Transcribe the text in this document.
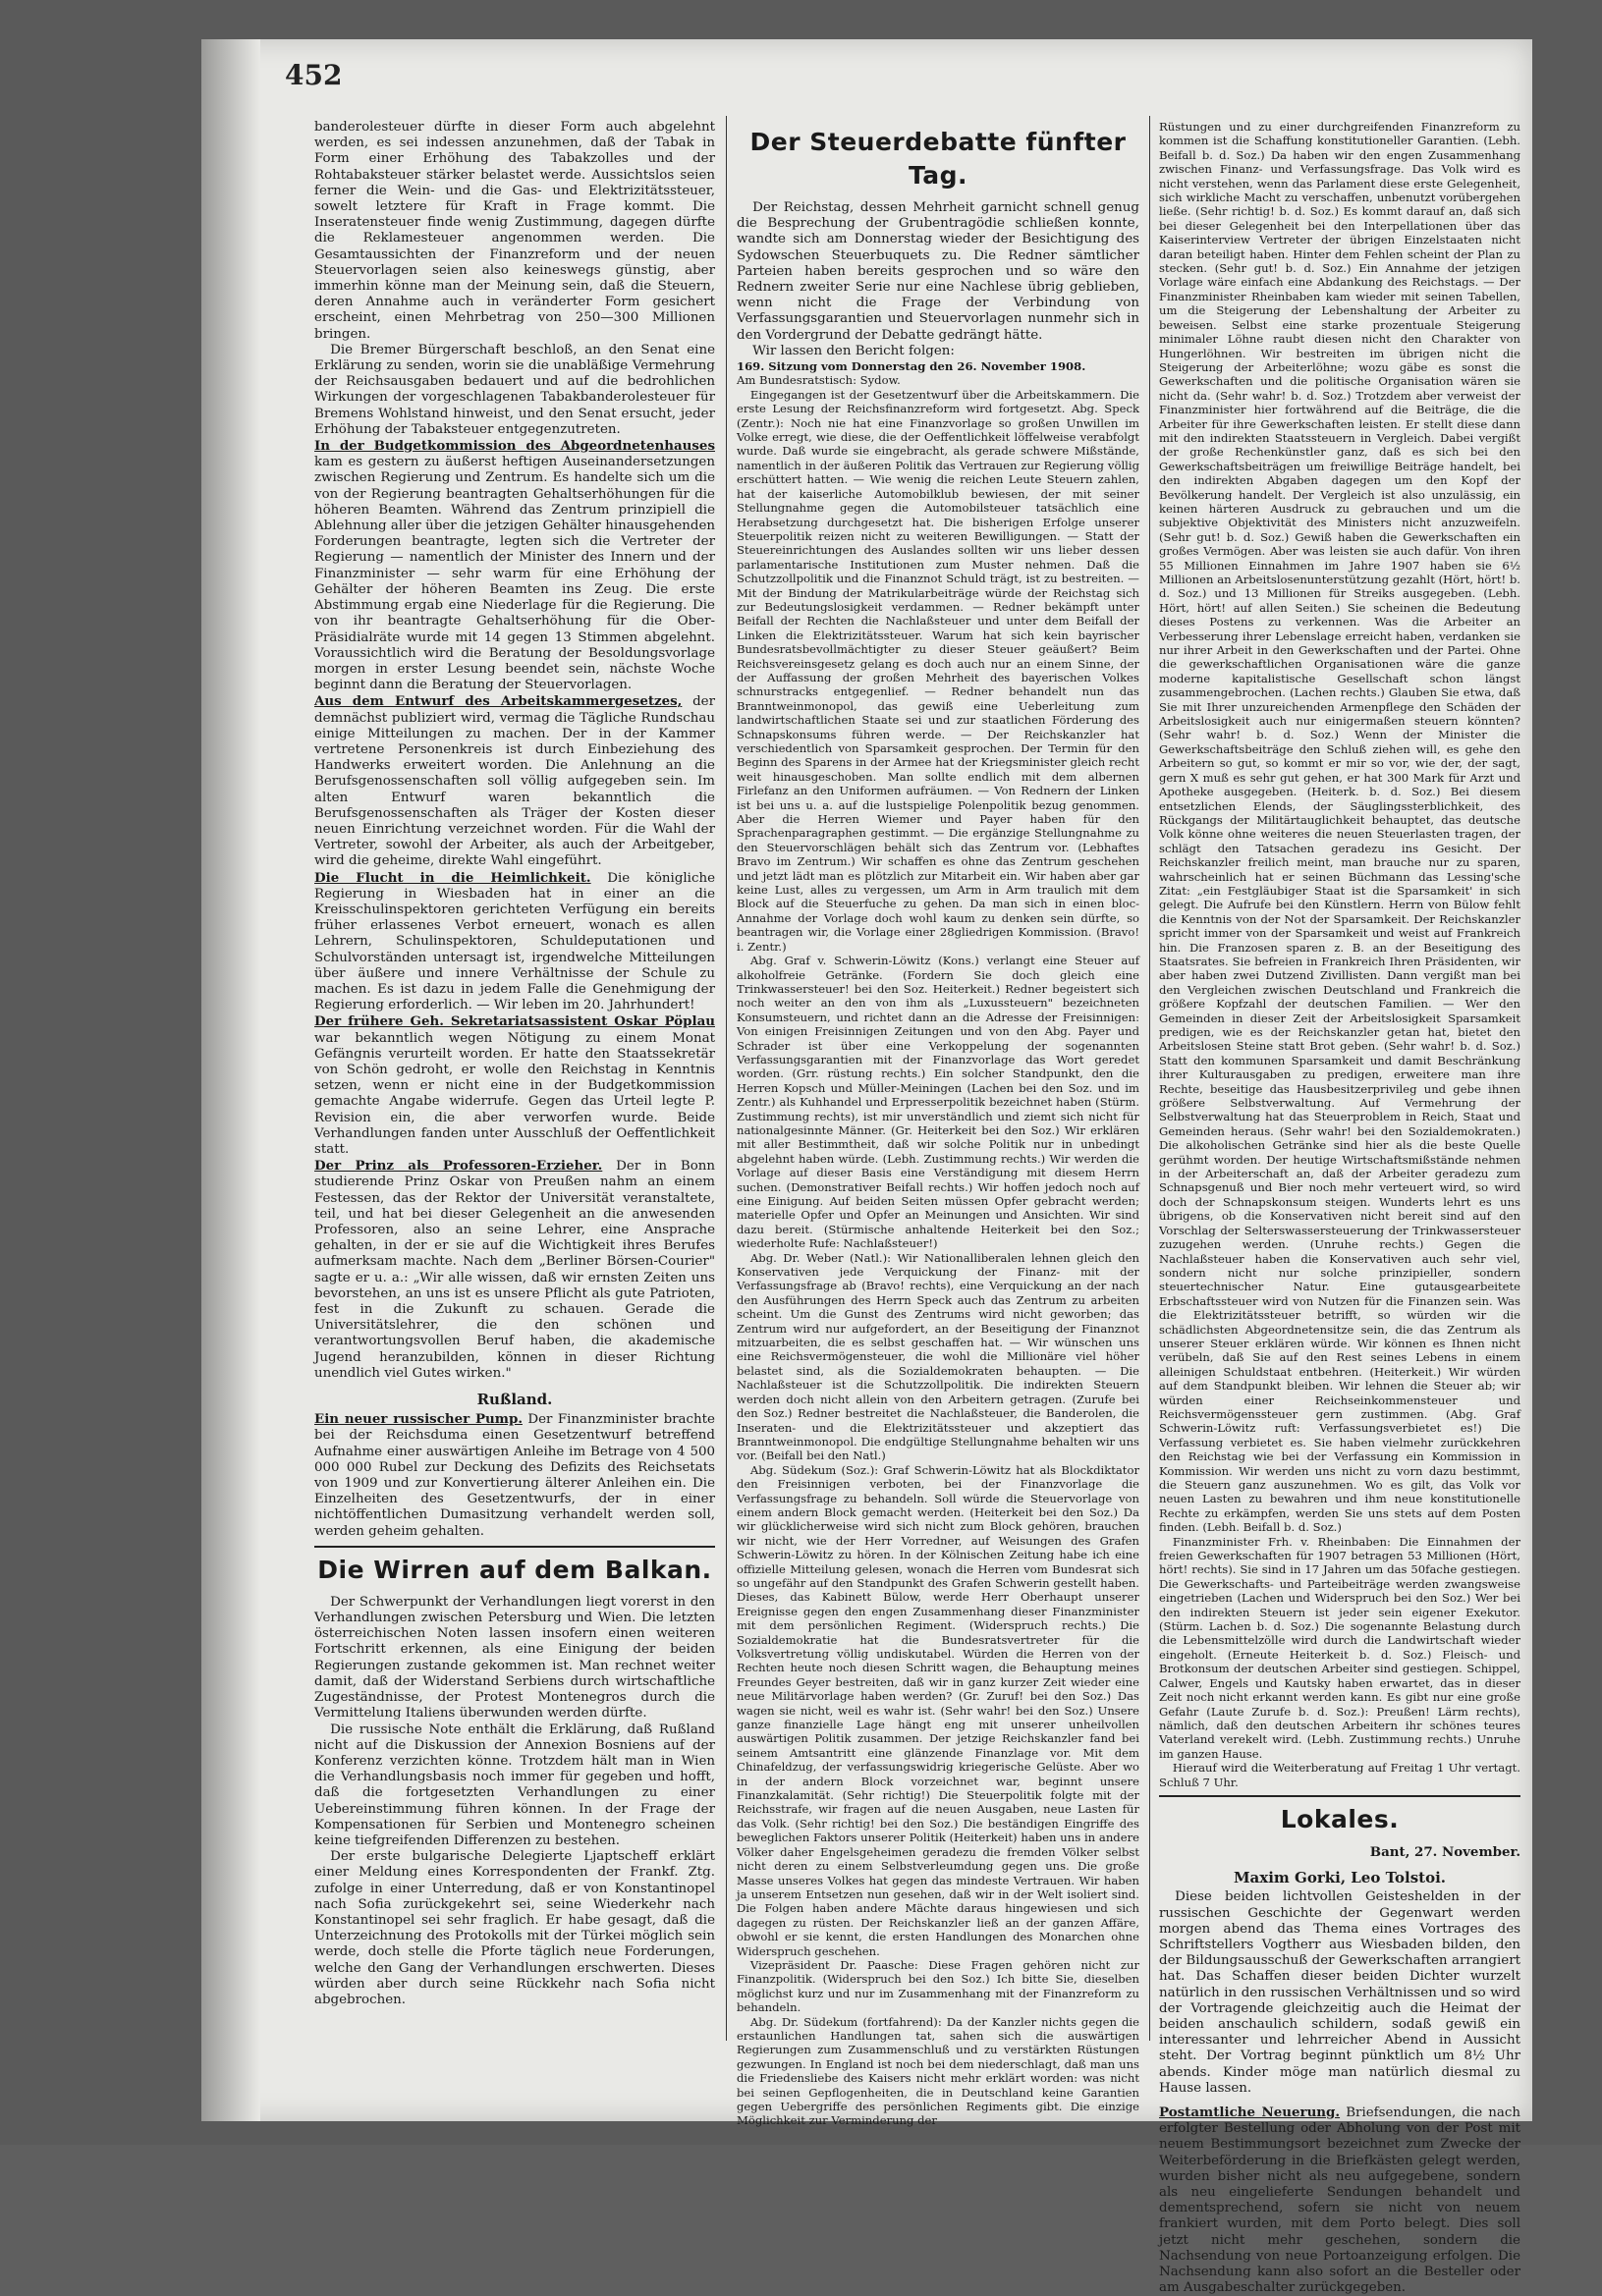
452

banderolesteuer dürfte in dieser Form auch abgelehnt werden, es sei indessen anzunehmen, daß der Tabak in Form einer Erhöhung des Tabakzolles und der Rohtabaksteuer stärker belastet werde. Aussichtslos seien ferner die Wein- und die Gas- und Elektrizitätssteuer, sowelt letztere für Kraft in Frage kommt. Die Inseratensteuer finde wenig Zustimmung, dagegen dürfte die Reklamesteuer angenommen werden. Die Gesamtaussichten der Finanzreform und der neuen Steuervorlagen seien also keineswegs günstig, aber immerhin könne man der Meinung sein, daß die Steuern, deren Annahme auch in veränderter Form gesichert erscheint, einen Mehrbetrag von 250—300 Millionen bringen.

Die Bremer Bürgerschaft beschloß, an den Senat eine Erklärung zu senden, worin sie die unabläßige Vermehrung der Reichsausgaben bedauert und auf die bedrohlichen Wirkungen der vorgeschlagenen Tabakbanderolesteuer für Bremens Wohlstand hinweist, und den Senat ersucht, jeder Erhöhung der Tabaksteuer entgegenzutreten.

In der Budgetkommission des Abgeordnetenhauses kam es gestern zu äußerst heftigen Auseinandersetzungen zwischen Regierung und Zentrum. Es handelte sich um die von der Regierung beantragten Gehaltserhöhungen für die höheren Beamten. Während das Zentrum prinzipiell die Ablehnung aller über die jetzigen Gehälter hinausgehenden Forderungen beantragte, legten sich die Vertreter der Regierung — namentlich der Minister des Innern und der Finanzminister — sehr warm für eine Erhöhung der Gehälter der höheren Beamten ins Zeug. Die erste Abstimmung ergab eine Niederlage für die Regierung. Die von ihr beantragte Gehaltserhöhung für die Ober-Präsidialräte wurde mit 14 gegen 13 Stimmen abgelehnt. Voraussichtlich wird die Beratung der Besoldungsvorlage morgen in erster Lesung beendet sein, nächste Woche beginnt dann die Beratung der Steuervorlagen.

Aus dem Entwurf des Arbeitskammergesetzes, der demnächst publiziert wird, vermag die Tägliche Rundschau einige Mitteilungen zu machen. Der in der Kammer vertretene Personenkreis ist durch Einbeziehung des Handwerks erweitert worden. Die Anlehnung an die Berufsgenossenschaften soll völlig aufgegeben sein. Im alten Entwurf waren bekanntlich die Berufsgenossenschaften als Träger der Kosten dieser neuen Einrichtung verzeichnet worden. Für die Wahl der Vertreter, sowohl der Arbeiter, als auch der Arbeitgeber, wird die geheime, direkte Wahl eingeführt.

Die Flucht in die Heimlichkeit. Die königliche Regierung in Wiesbaden hat in einer an die Kreisschulinspektoren gerichteten Verfügung ein bereits früher erlassenes Verbot erneuert, wonach es allen Lehrern, Schulinspektoren, Schuldeputationen und Schulvorständen untersagt ist, irgendwelche Mitteilungen über äußere und innere Verhältnisse der Schule zu machen. Es ist dazu in jedem Falle die Genehmigung der Regierung erforderlich. — Wir leben im 20. Jahrhundert!

Der frühere Geh. Sekretariatsassistent Oskar Pöplau war bekanntlich wegen Nötigung zu einem Monat Gefängnis verurteilt worden. Er hatte den Staatssekretär von Schön gedroht, er wolle den Reichstag in Kenntnis setzen, wenn er nicht eine in der Budgetkommission gemachte Angabe widerrufe. Gegen das Urteil legte P. Revision ein, die aber verworfen wurde. Beide Verhandlungen fanden unter Ausschluß der Oeffentlichkeit statt.

Der Prinz als Professoren-Erzieher. Der in Bonn studierende Prinz Oskar von Preußen nahm an einem Festessen, das der Rektor der Universität veranstaltete, teil, und hat bei dieser Gelegenheit an die anwesenden Professoren, also an seine Lehrer, eine Ansprache gehalten, in der er sie auf die Wichtigkeit ihres Berufes aufmerksam machte. Nach dem „Berliner Börsen-Courier" sagte er u. a.: „Wir alle wissen, daß wir ernsten Zeiten uns bevorstehen, an uns ist es unsere Pflicht als gute Patrioten, fest in die Zukunft zu schauen. Gerade die Universitätslehrer, die den schönen und verantwortungsvollen Beruf haben, die akademische Jugend heranzubilden, können in dieser Richtung unendlich viel Gutes wirken."

Rußland.

Ein neuer russischer Pump. Der Finanzminister brachte bei der Reichsduma einen Gesetzentwurf betreffend Aufnahme einer auswärtigen Anleihe im Betrage von 4 500 000 000 Rubel zur Deckung des Defizits des Reichsetats von 1909 und zur Konvertierung älterer Anleihen ein. Die Einzelheiten des Gesetzentwurfs, der in einer nichtöffentlichen Dumasitzung verhandelt werden soll, werden geheim gehalten.

Die Wirren auf dem Balkan.

Der Schwerpunkt der Verhandlungen liegt vorerst in den Verhandlungen zwischen Petersburg und Wien. Die letzten österreichischen Noten lassen insofern einen weiteren Fortschritt erkennen, als eine Einigung der beiden Regierungen zustande gekommen ist. Man rechnet weiter damit, daß der Widerstand Serbiens durch wirtschaftliche Zugeständnisse, der Protest Montenegros durch die Vermittelung Italiens überwunden werden dürfte.

Die russische Note enthält die Erklärung, daß Rußland nicht auf die Diskussion der Annexion Bosniens auf der Konferenz verzichten könne. Trotzdem hält man in Wien die Verhandlungsbasis noch immer für gegeben und hofft, daß die fortgesetzten Verhandlungen zu einer Uebereinstimmung führen können. In der Frage der Kompensationen für Serbien und Montenegro scheinen keine tiefgreifenden Differenzen zu bestehen.

Der erste bulgarische Delegierte Ljaptscheff erklärt einer Meldung eines Korrespondenten der Frankf. Ztg. zufolge in einer Unterredung, daß er von Konstantinopel nach Sofia zurückgekehrt sei, seine Wiederkehr nach Konstantinopel sei sehr fraglich. Er habe gesagt, daß die Unterzeichnung des Protokolls mit der Türkei möglich sein werde, doch stelle die Pforte täglich neue Forderungen, welche den Gang der Verhandlungen erschwerten. Dieses würden aber durch seine Rückkehr nach Sofia nicht abgebrochen.

Der Steuerdebatte fünfter Tag.

Der Reichstag, dessen Mehrheit garnicht schnell genug die Besprechung der Grubentragödie schließen konnte, wandte sich am Donnerstag wieder der Besichtigung des Sydowschen Steuerbuquets zu. Die Redner sämtlicher Parteien haben bereits gesprochen und so wäre den Rednern zweiter Serie nur eine Nachlese übrig geblieben, wenn nicht die Frage der Verbindung von Verfassungsgarantien und Steuervorlagen nunmehr sich in den Vordergrund der Debatte gedrängt hätte.

Wir lassen den Bericht folgen:

169. Sitzung vom Donnerstag den 26. November 1908.

Am Bundesratstisch: Sydow.

Eingegangen ist der Gesetzentwurf über die Arbeitskammern. Die erste Lesung der Reichsfinanzreform wird fortgesetzt. Abg. Speck (Zentr.): Noch nie hat eine Finanzvorlage so großen Unwillen im Volke erregt, wie diese, die der Oeffentlichkeit löffelweise verabfolgt wurde. Daß wurde sie eingebracht, als gerade schwere Mißstände, namentlich in der äußeren Politik das Vertrauen zur Regierung völlig erschüttert hatten. — Wie wenig die reichen Leute Steuern zahlen, hat der kaiserliche Automobilklub bewiesen, der mit seiner Stellungnahme gegen die Automobilsteuer tatsächlich eine Herabsetzung durchgesetzt hat. Die bisherigen Erfolge unserer Steuerpolitik reizen nicht zu weiteren Bewilligungen. — Statt der Steuereinrichtungen des Auslandes sollten wir uns lieber dessen parlamentarische Institutionen zum Muster nehmen. Daß die Schutzzollpolitik und die Finanznot Schuld trägt, ist zu bestreiten. — Mit der Bindung der Matrikularbeiträge würde der Reichstag sich zur Bedeutungslosigkeit verdammen. — Redner bekämpft unter Beifall der Rechten die Nachlaßsteuer und unter dem Beifall der Linken die Elektrizitätssteuer. Warum hat sich kein bayrischer Bundesratsbevollmächtigter zu dieser Steuer geäußert? Beim Reichsvereinsgesetz gelang es doch auch nur an einem Sinne, der der Auffassung der großen Mehrheit des bayerischen Volkes schnurstracks entgegenlief. — Redner behandelt nun das Branntweinmonopol, das gewiß eine Ueberleitung zum landwirtschaftlichen Staate sei und zur staatlichen Förderung des Schnapskonsums führen werde. — Der Reichskanzler hat verschiedentlich von Sparsamkeit gesprochen. Der Termin für den Beginn des Sparens in der Armee hat der Kriegsminister gleich recht weit hinausgeschoben. Man sollte endlich mit dem albernen Firlefanz an den Uniformen aufräumen. — Von Rednern der Linken ist bei uns u. a. auf die lustspielige Polenpolitik bezug genommen. Aber die Herren Wiemer und Payer haben für den Sprachenparagraphen gestimmt. — Die ergänzige Stellungnahme zu den Steuervorschlägen behält sich das Zentrum vor. (Lebhaftes Bravo im Zentrum.) Wir schaffen es ohne das Zentrum geschehen und jetzt lädt man es plötzlich zur Mitarbeit ein. Wir haben aber gar keine Lust, alles zu vergessen, um Arm in Arm traulich mit dem Block auf die Steuerfuche zu gehen. Da man sich in einen bloc-Annahme der Vorlage doch wohl kaum zu denken sein dürfte, so beantragen wir, die Vorlage einer 28gliedrigen Kommission. (Bravo! i. Zentr.)

Abg. Graf v. Schwerin-Löwitz (Kons.) verlangt eine Steuer auf alkoholfreie Getränke. (Fordern Sie doch gleich eine Trinkwassersteuer! bei den Soz. Heiterkeit.) Redner begeistert sich noch weiter an den von ihm als „Luxussteuern" bezeichneten Konsumsteuern, und richtet dann an die Adresse der Freisinnigen: Von einigen Freisinnigen Zeitungen und von den Abg. Payer und Schrader ist über eine Verkoppelung der sogenannten Verfassungsgarantien mit der Finanzvorlage das Wort geredet worden. (Grr. rüstung rechts.) Ein solcher Standpunkt, den die Herren Kopsch und Müller-Meiningen (Lachen bei den Soz. und im Zentr.) als Kuhhandel und Erpresserpolitik bezeichnet haben (Stürm. Zustimmung rechts), ist mir unverständlich und ziemt sich nicht für nationalgesinnte Männer. (Gr. Heiterkeit bei den Soz.) Wir erklären mit aller Bestimmtheit, daß wir solche Politik nur in unbedingt abgelehnt haben würde. (Lebh. Zustimmung rechts.) Wir werden die Vorlage auf dieser Basis eine Verständigung mit diesem Herrn suchen. (Demonstrativer Beifall rechts.) Wir hoffen jedoch noch auf eine Einigung. Auf beiden Seiten müssen Opfer gebracht werden; materielle Opfer und Opfer an Meinungen und Ansichten. Wir sind dazu bereit. (Stürmische anhaltende Heiterkeit bei den Soz.; wiederholte Rufe: Nachlaßsteuer!)

Abg. Dr. Weber (Natl.): Wir Nationalliberalen lehnen gleich den Konservativen jede Verquickung der Finanz- mit der Verfassungsfrage ab (Bravo! rechts), eine Verquickung an der nach den Ausführungen des Herrn Speck auch das Zentrum zu arbeiten scheint. Um die Gunst des Zentrums wird nicht geworben; das Zentrum wird nur aufgefordert, an der Beseitigung der Finanznot mitzuarbeiten, die es selbst geschaffen hat. — Wir wünschen uns eine Reichsvermögensteuer, die wohl die Millionäre viel höher belastet sind, als die Sozialdemokraten behaupten. — Die Nachlaßsteuer ist die Schutzzollpolitik. Die indirekten Steuern werden doch nicht allein von den Arbeitern getragen. (Zurufe bei den Soz.) Redner bestreitet die Nachlaßsteuer, die Banderolen, die Inseraten- und die Elektrizitätssteuer und akzeptiert das Branntweinmonopol. Die endgültige Stellungnahme behalten wir uns vor. (Beifall bei den Natl.)

Abg. Südekum (Soz.): Graf Schwerin-Löwitz hat als Blockdiktator den Freisinnigen verboten, bei der Finanzvorlage die Verfassungsfrage zu behandeln. Soll würde die Steuervorlage von einem andern Block gemacht werden. (Heiterkeit bei den Soz.) Da wir glücklicherweise wird sich nicht zum Block gehören, brauchen wir nicht, wie der Herr Vorredner, auf Weisungen des Grafen Schwerin-Löwitz zu hören. In der Kölnischen Zeitung habe ich eine offizielle Mitteilung gelesen, wonach die Herren vom Bundesrat sich so ungefähr auf den Standpunkt des Grafen Schwerin gestellt haben. Dieses, das Kabinett Bülow, werde Herr Oberhaupt unserer Ereignisse gegen den engen Zusammenhang dieser Finanzminister mit dem persönlichen Regiment. (Widerspruch rechts.) Die Sozialdemokratie hat die Bundesratsvertreter für die Volksvertretung völlig undiskutabel. Würden die Herren von der Rechten heute noch diesen Schritt wagen, die Behauptung meines Freundes Geyer bestreiten, daß wir in ganz kurzer Zeit wieder eine neue Militärvorlage haben werden? (Gr. Zuruf! bei den Soz.) Das wagen sie nicht, weil es wahr ist. (Sehr wahr! bei den Soz.) Unsere ganze finanzielle Lage hängt eng mit unserer unheilvollen auswärtigen Politik zusammen. Der jetzige Reichskanzler fand bei seinem Amtsantritt eine glänzende Finanzlage vor. Mit dem Chinafeldzug, der verfassungswidrig kriegerische Gelüste. Aber wo in der andern Block vorzeichnet war, beginnt unsere Finanzkalamität. (Sehr richtig!) Die Steuerpolitik folgte mit der Reichsstrafe, wir fragen auf die neuen Ausgaben, neue Lasten für das Volk. (Sehr richtig! bei den Soz.) Die beständigen Eingriffe des beweglichen Faktors unserer Politik (Heiterkeit) haben uns in andere Völker daher Engelsgeheimen geradezu die fremden Völker selbst nicht deren zu einem Selbstverleumdung gegen uns. Die große Masse unseres Volkes hat gegen das mindeste Vertrauen. Wir haben ja unserem Entsetzen nun gesehen, daß wir in der Welt isoliert sind. Die Folgen haben andere Mächte daraus hingewiesen und sich dagegen zu rüsten. Der Reichskanzler ließ an der ganzen Affäre, obwohl er sie kennt, die ersten Handlungen des Monarchen ohne Widerspruch geschehen.

Vizepräsident Dr. Paasche: Diese Fragen gehören nicht zur Finanzpolitik. (Widerspruch bei den Soz.) Ich bitte Sie, dieselben möglichst kurz und nur im Zusammenhang mit der Finanzreform zu behandeln.

Abg. Dr. Südekum (fortfahrend): Da der Kanzler nichts gegen die erstaunlichen Handlungen tat, sahen sich die auswärtigen Regierungen zum Zusammenschluß und zu verstärkten Rüstungen gezwungen. In England ist noch bei dem niederschlagt, daß man uns die Friedensliebe des Kaisers nicht mehr erklärt worden: was nicht bei seinen Gepflogenheiten, die in Deutschland keine Garantien gegen Uebergriffe des persönlichen Regiments gibt. Die einzige Möglichkeit zur Verminderung der

Rüstungen und zu einer durchgreifenden Finanzreform zu kommen ist die Schaffung konstitutioneller Garantien. (Lebh. Beifall b. d. Soz.) Da haben wir den engen Zusammenhang zwischen Finanz- und Verfassungsfrage. Das Volk wird es nicht verstehen, wenn das Parlament diese erste Gelegenheit, sich wirkliche Macht zu verschaffen, unbenutzt vorübergehen ließe. (Sehr richtig! b. d. Soz.) Es kommt darauf an, daß sich bei dieser Gelegenheit bei den Interpellationen über das Kaiserinterview Vertreter der übrigen Einzelstaaten nicht daran beteiligt haben. Hinter dem Fehlen scheint der Plan zu stecken. (Sehr gut! b. d. Soz.) Ein Annahme der jetzigen Vorlage wäre einfach eine Abdankung des Reichstags. — Der Finanzminister Rheinbaben kam wieder mit seinen Tabellen, um die Steigerung der Lebenshaltung der Arbeiter zu beweisen. Selbst eine starke prozentuale Steigerung minimaler Löhne raubt diesen nicht den Charakter von Hungerlöhnen. Wir bestreiten im übrigen nicht die Steigerung der Arbeiterlöhne; wozu gäbe es sonst die Gewerkschaften und die politische Organisation wären sie nicht da. (Sehr wahr! b. d. Soz.) Trotzdem aber verweist der Finanzminister hier fortwährend auf die Beiträge, die die Arbeiter für ihre Gewerkschaften leisten. Er stellt diese dann mit den indirekten Staatssteuern in Vergleich. Dabei vergißt der große Rechenkünstler ganz, daß es sich bei den Gewerkschaftsbeiträgen um freiwillige Beiträge handelt, bei den indirekten Abgaben dagegen um den Kopf der Bevölkerung handelt. Der Vergleich ist also unzulässig, ein keinen härteren Ausdruck zu gebrauchen und um die subjektive Objektivität des Ministers nicht anzuzweifeln. (Sehr gut! b. d. Soz.) Gewiß haben die Gewerkschaften ein großes Vermögen. Aber was leisten sie auch dafür. Von ihren 55 Millionen Einnahmen im Jahre 1907 haben sie 6½ Millionen an Arbeitslosenunterstützung gezahlt (Hört, hört! b. d. Soz.) und 13 Millionen für Streiks ausgegeben. (Lebh. Hört, hört! auf allen Seiten.) Sie scheinen die Bedeutung dieses Postens zu verkennen. Was die Arbeiter an Verbesserung ihrer Lebenslage erreicht haben, verdanken sie nur ihrer Arbeit in den Gewerkschaften und der Partei. Ohne die gewerkschaftlichen Organisationen wäre die ganze moderne kapitalistische Gesellschaft schon längst zusammengebrochen. (Lachen rechts.) Glauben Sie etwa, daß Sie mit Ihrer unzureichenden Armenpflege den Schäden der Arbeitslosigkeit auch nur einigermaßen steuern könnten? (Sehr wahr! b. d. Soz.) Wenn der Minister die Gewerkschaftsbeiträge den Schluß ziehen will, es gehe den Arbeitern so gut, so kommt er mir so vor, wie der, der sagt, gern X muß es sehr gut gehen, er hat 300 Mark für Arzt und Apotheke ausgegeben. (Heiterk. b. d. Soz.) Bei diesem entsetzlichen Elends, der Säuglingssterblichkeit, des Rückgangs der Militärtauglichkeit behauptet, das deutsche Volk könne ohne weiteres die neuen Steuerlasten tragen, der schlägt den Tatsachen geradezu ins Gesicht. Der Reichskanzler freilich meint, man brauche nur zu sparen, wahrscheinlich hat er seinen Büchmann das Lessing'sche Zitat: „ein Festgläubiger Staat ist die Sparsamkeit' in sich gelegt. Die Aufrufe bei den Künstlern. Herrn von Bülow fehlt die Kenntnis von der Not der Sparsamkeit. Der Reichskanzler spricht immer von der Sparsamkeit und weist auf Frankreich hin. Die Franzosen sparen z. B. an der Beseitigung des Staatsrates. Sie befreien in Frankreich Ihren Präsidenten, wir aber haben zwei Dutzend Zivillisten. Dann vergißt man bei den Vergleichen zwischen Deutschland und Frankreich die größere Kopfzahl der deutschen Familien. — Wer den Gemeinden in dieser Zeit der Arbeitslosigkeit Sparsamkeit predigen, wie es der Reichskanzler getan hat, bietet den Arbeitslosen Steine statt Brot geben. (Sehr wahr! b. d. Soz.) Statt den kommunen Sparsamkeit und damit Beschränkung ihrer Kulturausgaben zu predigen, erweitere man ihre Rechte, beseitige das Hausbesitzerprivileg und gebe ihnen größere Selbstverwaltung. Auf Vermehrung der Selbstverwaltung hat das Steuerproblem in Reich, Staat und Gemeinden heraus. (Sehr wahr! bei den Sozialdemokraten.) Die alkoholischen Getränke sind hier als die beste Quelle gerühmt worden. Der heutige Wirtschaftsmißstände nehmen in der Arbeiterschaft an, daß der Arbeiter geradezu zum Schnapsgenuß und Bier noch mehr verteuert wird, so wird doch der Schnapskonsum steigen. Wunderts lehrt es uns übrigens, ob die Konservativen nicht bereit sind auf den Vorschlag der Selterswassersteuerung der Trinkwassersteuer zuzugehen werden. (Unruhe rechts.) Gegen die Nachlaßsteuer haben die Konservativen auch sehr viel, sondern nicht nur solche prinzipieller, sondern steuertechnischer Natur. Eine gutausgearbeitete Erbschaftssteuer wird von Nutzen für die Finanzen sein. Was die Elektrizitätssteuer betrifft, so würden wir die schädlichsten Abgeordnetensitze sein, die das Zentrum als unserer Steuer erklären würde. Wir können es Ihnen nicht verübeln, daß Sie auf den Rest seines Lebens in einem alleinigen Schuldstaat entbehren. (Heiterkeit.) Wir würden auf dem Standpunkt bleiben. Wir lehnen die Steuer ab; wir würden einer Reichseinkommensteuer und Reichsvermögenssteuer gern zustimmen. (Abg. Graf Schwerin-Löwitz ruft: Verfassungsverbietet es!) Die Verfassung verbietet es. Sie haben vielmehr zurückkehren den Reichstag wie bei der Verfassung ein Kommission in Kommission. Wir werden uns nicht zu vorn dazu bestimmt, die Steuern ganz auszunehmen. Wo es gilt, das Volk vor neuen Lasten zu bewahren und ihm neue konstitutionelle Rechte zu erkämpfen, werden Sie uns stets auf dem Posten finden. (Lebh. Beifall b. d. Soz.)

Finanzminister Frh. v. Rheinbaben: Die Einnahmen der freien Gewerkschaften für 1907 betragen 53 Millionen (Hört, hört! rechts). Sie sind in 17 Jahren um das 50fache gestiegen. Die Gewerkschafts- und Parteibeiträge werden zwangsweise eingetrieben (Lachen und Widerspruch bei den Soz.) Wer bei den indirekten Steuern ist jeder sein eigener Exekutor. (Stürm. Lachen b. d. Soz.) Die sogenannte Belastung durch die Lebensmittelzölle wird durch die Landwirtschaft wieder eingeholt. (Erneute Heiterkeit b. d. Soz.) Fleisch- und Brotkonsum der deutschen Arbeiter sind gestiegen. Schippel, Calwer, Engels und Kautsky haben erwartet, das in dieser Zeit noch nicht erkannt werden kann. Es gibt nur eine große Gefahr (Laute Zurufe b. d. Soz.): Preußen! Lärm rechts), nämlich, daß den deutschen Arbeitern ihr schönes teures Vaterland verekelt wird. (Lebh. Zustimmung rechts.) Unruhe im ganzen Hause.

Hierauf wird die Weiterberatung auf Freitag 1 Uhr vertagt. Schluß 7 Uhr.

Lokales.
Bant, 27. November.
Maxim Gorki, Leo Tolstoi.

Diese beiden lichtvollen Geisteshelden in der russischen Geschichte der Gegenwart werden morgen abend das Thema eines Vortrages des Schriftstellers Vogtherr aus Wiesbaden bilden, den der Bildungsausschuß der Gewerkschaften arrangiert hat. Das Schaffen dieser beiden Dichter wurzelt natürlich in den russischen Verhältnissen und so wird der Vortragende gleichzeitig auch die Heimat der beiden anschaulich schildern, sodaß gewiß ein interessanter und lehrreicher Abend in Aussicht steht. Der Vortrag beginnt pünktlich um 8½ Uhr abends. Kinder möge man natürlich diesmal zu Hause lassen.

Postamtliche Neuerung. Briefsendungen, die nach erfolgter Bestellung oder Abholung von der Post mit neuem Bestimmungsort bezeichnet zum Zwecke der Weiterbeförderung in die Briefkästen gelegt werden, wurden bisher nicht als neu aufgegebene, sondern als neu eingelieferte Sendungen behandelt und dementsprechend, sofern sie nicht von neuem frankiert wurden, mit dem Porto belegt. Dies soll jetzt nicht mehr geschehen, sondern die Nachsendung von neue Portoanzeigung erfolgen. Die Nachsendung kann also sofort an die Besteller oder am Ausgabeschalter zurückgegeben.
